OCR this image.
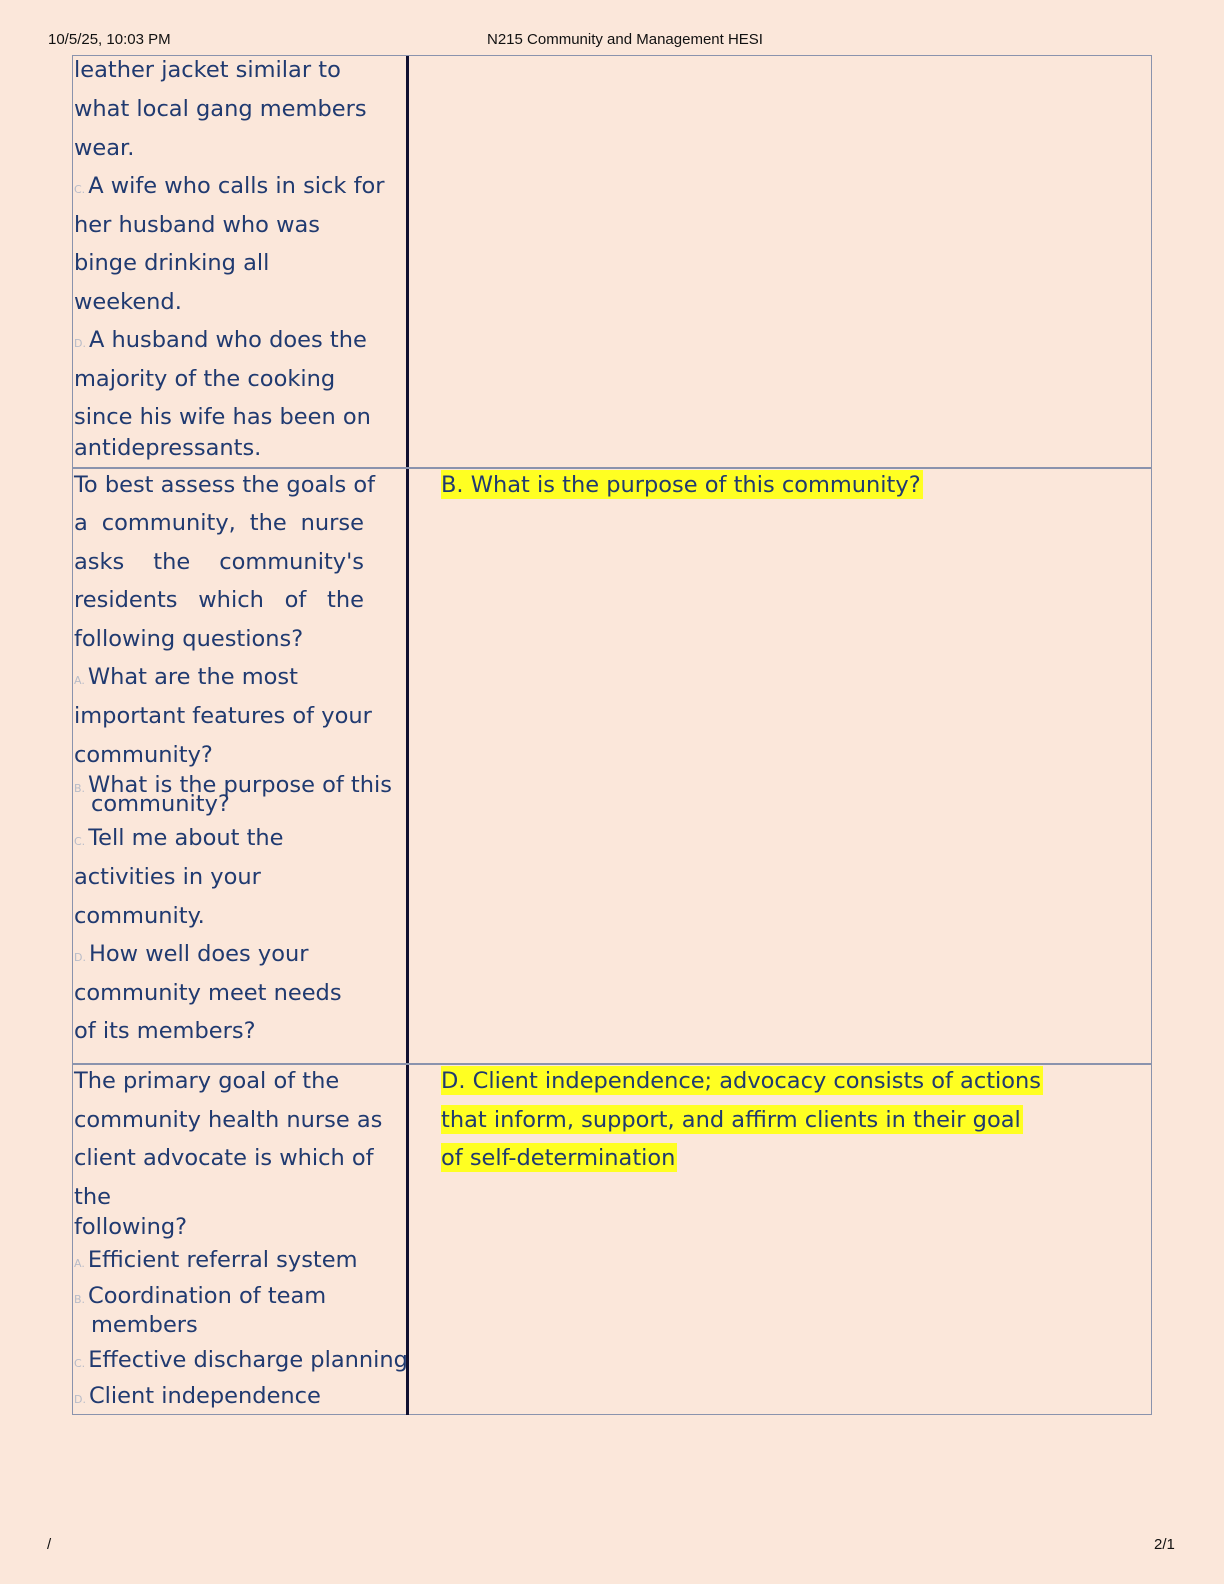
10/5/25, 10:03 PM	N215 Community and Management HESI
leather jacket similar to
what local gang members
wear.
C. A wife who calls in sick for
her husband who was
binge drinking all
weekend.
D. A husband who does the
majority of the cooking
since his wife has been on
antidepressants.
To best assess the goals of
a community, the nurse
asks the community's
residents which of the
following questions?
A. What are the most
important features of your
community?
B. What is the purpose of this
community?
C. Tell me about the
activities in your
community.
D. How well does your
community meet needs
of its members?
B. What is the purpose of this community?
The primary goal of the
community health nurse as
client advocate is which of
the
following?
A. Efficient referral system
B. Coordination of team
members
C. Effective discharge planning
D. Client independence
D. Client independence; advocacy consists of actions
that inform, support, and affirm clients in their goal
of self-determination
/	2/1
